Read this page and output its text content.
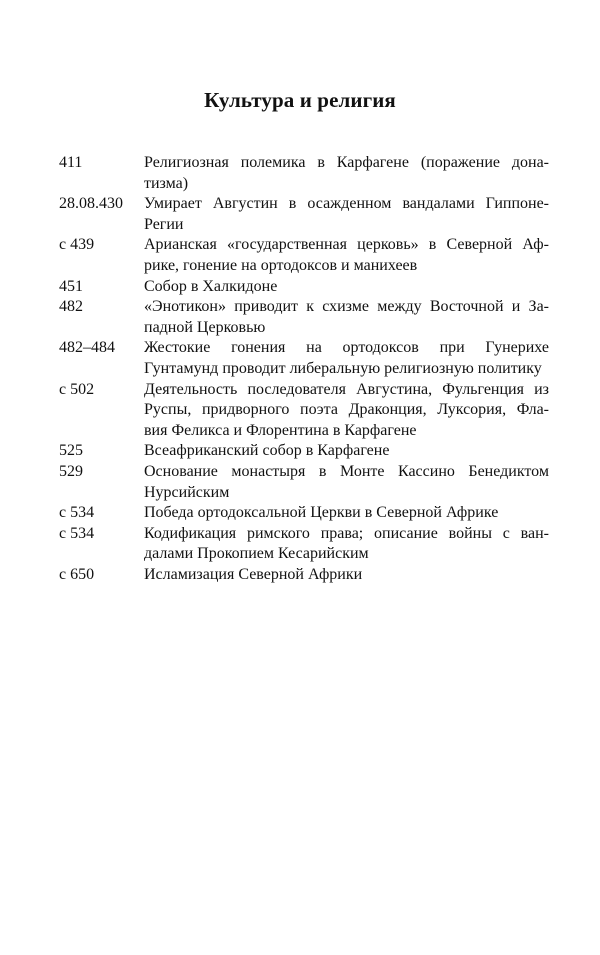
Культура и религия
411	Религиозная полемика в Карфагене (поражение дона-
тизма)
28.08.430	Умирает Августин в осажденном вандалами Гиппоне-
Регии
с 439	Арианская «государственная церковь» в Северной Аф-
рике, гонение на ортодоксов и манихеев
451	Собор в Халкидоне
482	«Энотикон» приводит к схизме между Восточной и За-
падной Церковью
482–484	Жестокие гонения на ортодоксов при Гунерихе
Гунтамунд проводит либеральную религиозную политику
с 502	Деятельность последователя Августина, Фульгенция из
Руспы, придворного поэта Драконция, Луксория, Фла-
вия Феликса и Флорентина в Карфагене
525	Всеафриканский собор в Карфагене
529	Основание монастыря в Монте Кассино Бенедиктом
Нурсийским
с 534	Победа ортодоксальной Церкви в Северной Африке
с 534	Кодификация римского права; описание войны с ван-
далами Прокопием Кесарийским
с 650	Исламизация Северной Африки
